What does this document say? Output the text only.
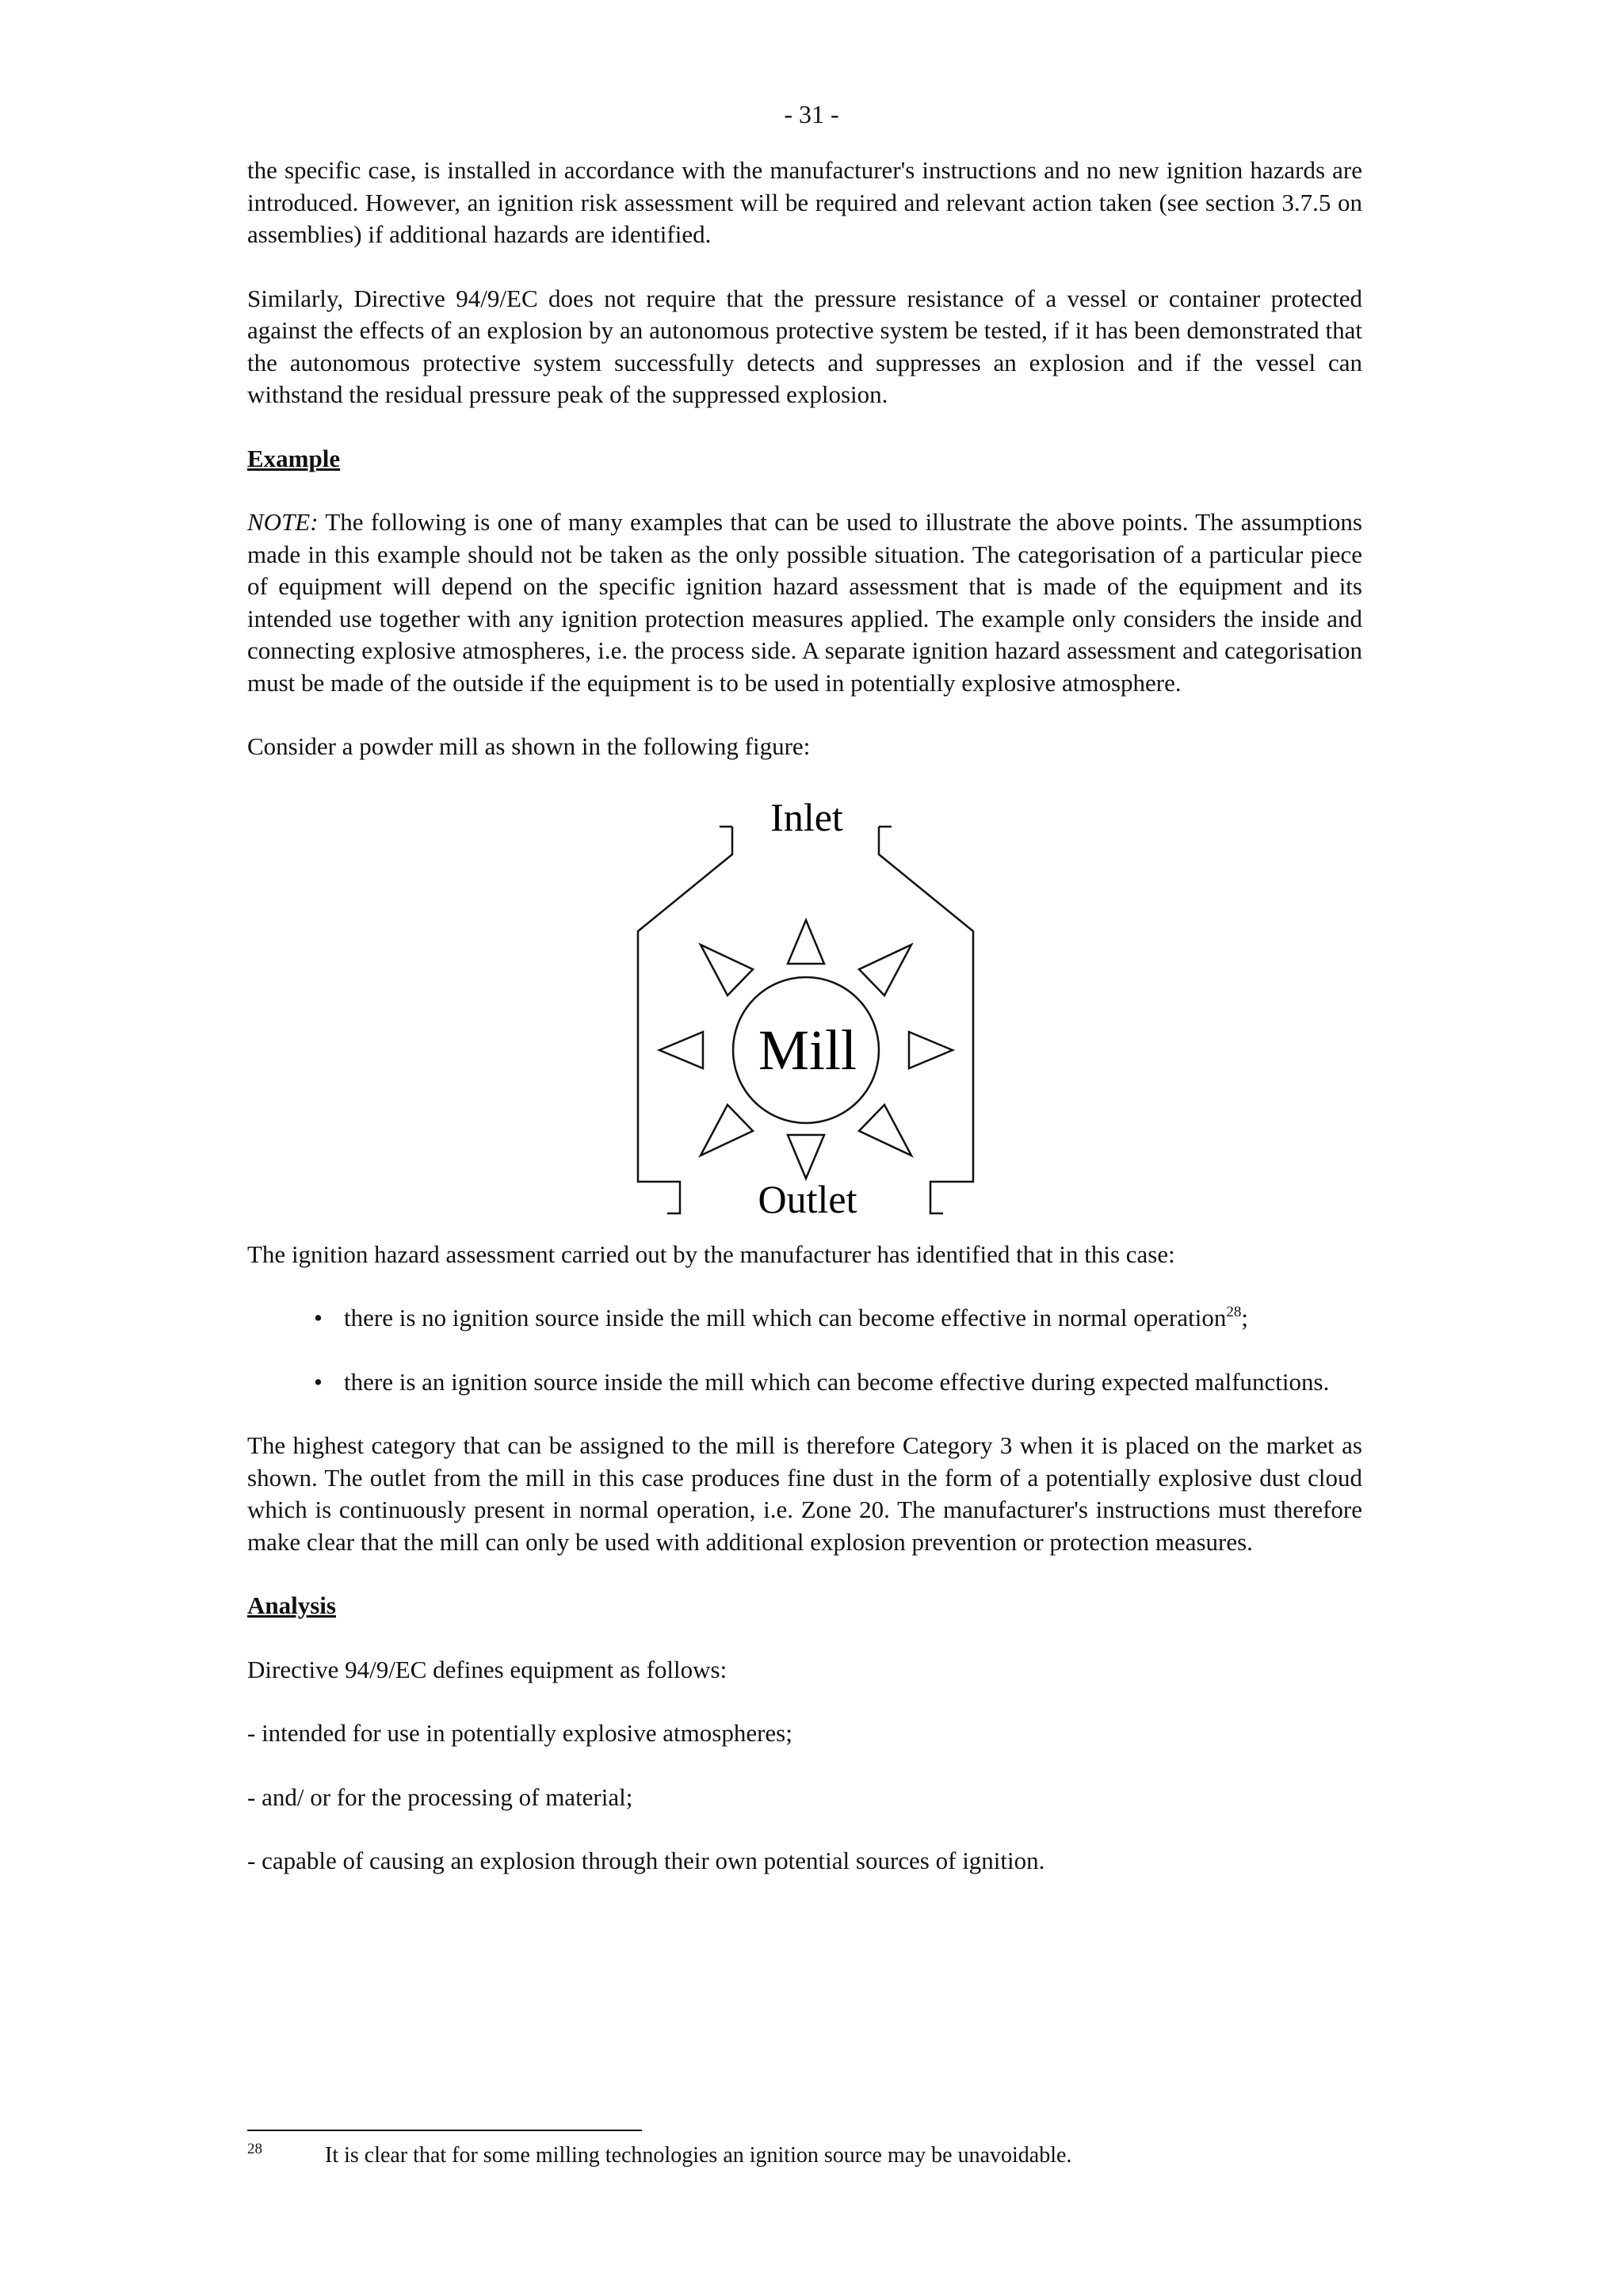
- 31 -

the specific case, is installed in accordance with the manufacturer's instructions and no new ignition hazards are introduced. However, an ignition risk assessment will be required and relevant action taken (see section 3.7.5 on assemblies) if additional hazards are identified.

Similarly, Directive 94/9/EC does not require that the pressure resistance of a vessel or container protected against the effects of an explosion by an autonomous protective system be tested, if it has been demonstrated that the autonomous protective system successfully detects and suppresses an explosion and if the vessel can withstand the residual pressure peak of the suppressed explosion.

Example

NOTE: The following is one of many examples that can be used to illustrate the above points. The assumptions made in this example should not be taken as the only possible situation. The categorisation of a particular piece of equipment will depend on the specific ignition hazard assessment that is made of the equipment and its intended use together with any ignition protection measures applied. The example only considers the inside and connecting explosive atmospheres, i.e. the process side. A separate ignition hazard assessment and categorisation must be made of the outside if the equipment is to be used in potentially explosive atmosphere.

Consider a powder mill as shown in the following figure:

Inlet
Mill
Outlet

The ignition hazard assessment carried out by the manufacturer has identified that in this case:

• there is no ignition source inside the mill which can become effective in normal operation$^{28}$;
• there is an ignition source inside the mill which can become effective during expected malfunctions.

The highest category that can be assigned to the mill is therefore Category 3 when it is placed on the market as shown. The outlet from the mill in this case produces fine dust in the form of a potentially explosive dust cloud which is continuously present in normal operation, i.e. Zone 20. The manufacturer's instructions must therefore make clear that the mill can only be used with additional explosion prevention or protection measures.

Analysis

Directive 94/9/EC defines equipment as follows:

- intended for use in potentially explosive atmospheres;

- and/ or for the processing of material;

- capable of causing an explosion through their own potential sources of ignition.

28	It is clear that for some milling technologies an ignition source may be unavoidable.
